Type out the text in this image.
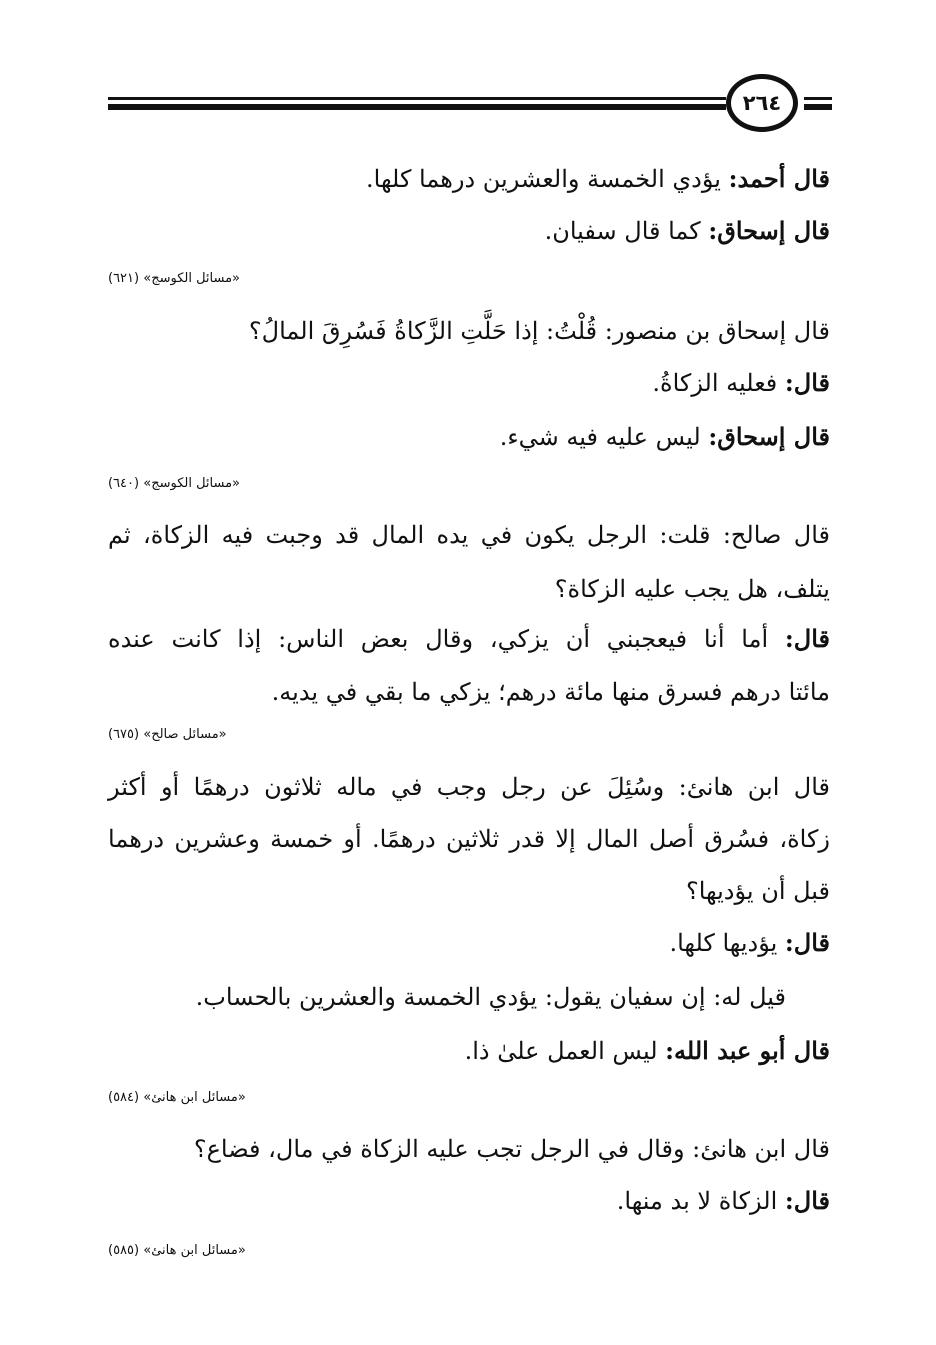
٢٦٤
قال أحمد: يؤدي الخمسة والعشرين درهما كلها.
قال إسحاق: كما قال سفيان.
«مسائل الكوسج» (٦٢١)
قال إسحاق بن منصور: قُلْتُ: إذا حَلَّتِ الزَّكاةُ فَسُرِقَ المالُ؟
قال: فعليه الزكاةُ.
قال إسحاق: ليس عليه فيه شيء.
«مسائل الكوسج» (٦٤٠)
قال صالح: قلت: الرجل يكون في يده المال قد وجبت فيه الزكاة، ثم
يتلف، هل يجب عليه الزكاة؟
قال: أما أنا فيعجبني أن يزكي، وقال بعض الناس: إذا كانت عنده
مائتا درهم فسرق منها مائة درهم؛ يزكي ما بقي في يديه.
«مسائل صالح» (٦٧٥)
قال ابن هانئ: وسُئِلَ عن رجل وجب في ماله ثلاثون درهمًا أو أكثر
زكاة، فسُرق أصل المال إلا قدر ثلاثين درهمًا. أو خمسة وعشرين درهما
قبل أن يؤديها؟
قال: يؤديها كلها.
قيل له: إن سفيان يقول: يؤدي الخمسة والعشرين بالحساب.
قال أبو عبد الله: ليس العمل علىٰ ذا.
«مسائل ابن هانئ» (٥٨٤)
قال ابن هانئ: وقال في الرجل تجب عليه الزكاة في مال، فضاع؟
قال: الزكاة لا بد منها.
«مسائل ابن هانئ» (٥٨٥)
